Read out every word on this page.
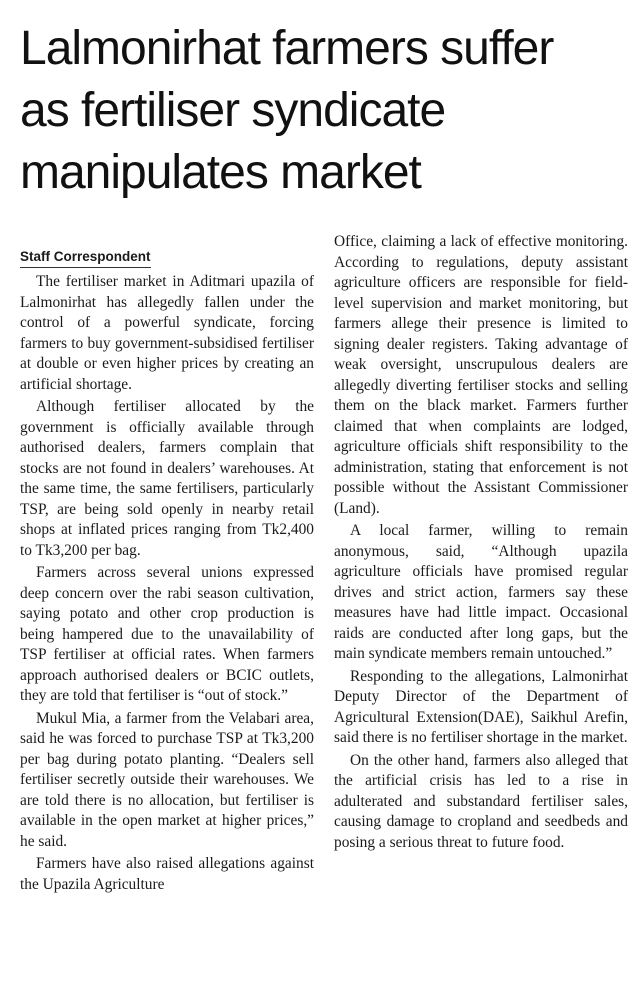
Lalmonirhat farmers suffer
as fertiliser syndicate
manipulates market
Staff Correspondent

The fertiliser market in Aditmari upazila of Lalmonirhat has allegedly fallen under the control of a powerful syndicate, forcing farmers to buy government-subsidised fertiliser at double or even higher prices by creating an artificial shortage.

Although fertiliser allocated by the government is officially available through authorised dealers, farmers complain that stocks are not found in dealers’ warehouses. At the same time, the same fertilisers, particularly TSP, are being sold openly in nearby retail shops at inflated prices ranging from Tk2,400 to Tk3,200 per bag.

Farmers across several unions expressed deep concern over the rabi season cultivation, saying potato and other crop production is being hampered due to the unavailability of TSP fertiliser at official rates. When farmers approach authorised dealers or BCIC outlets, they are told that fertiliser is “out of stock.”

Mukul Mia, a farmer from the Velabari area, said he was forced to purchase TSP at Tk3,200 per bag during potato planting. “Dealers sell fertiliser secretly outside their warehouses. We are told there is no allocation, but fertiliser is available in the open market at higher prices,” he said.

Farmers have also raised allegations against the Upazila Agriculture

Office, claiming a lack of effective monitoring. According to regulations, deputy assistant agriculture officers are responsible for field-level supervision and market monitoring, but farmers allege their presence is limited to signing dealer registers. Taking advantage of weak oversight, unscrupulous dealers are allegedly diverting fertiliser stocks and selling them on the black market. Farmers further claimed that when complaints are lodged, agriculture officials shift responsibility to the administration, stating that enforcement is not possible without the Assistant Commissioner (Land).

A local farmer, willing to remain anonymous, said, “Although upazila agriculture officials have promised regular drives and strict action, farmers say these measures have had little impact. Occasional raids are conducted after long gaps, but the main syndicate members remain untouched.”

Responding to the allegations, Lalmonirhat Deputy Director of the Department of Agricultural Extension(DAE), Saikhul Arefin, said there is no fertiliser shortage in the market.

On the other hand, farmers also alleged that the artificial crisis has led to a rise in adulterated and substandard fertiliser sales, causing damage to cropland and seedbeds and posing a serious threat to future food.
